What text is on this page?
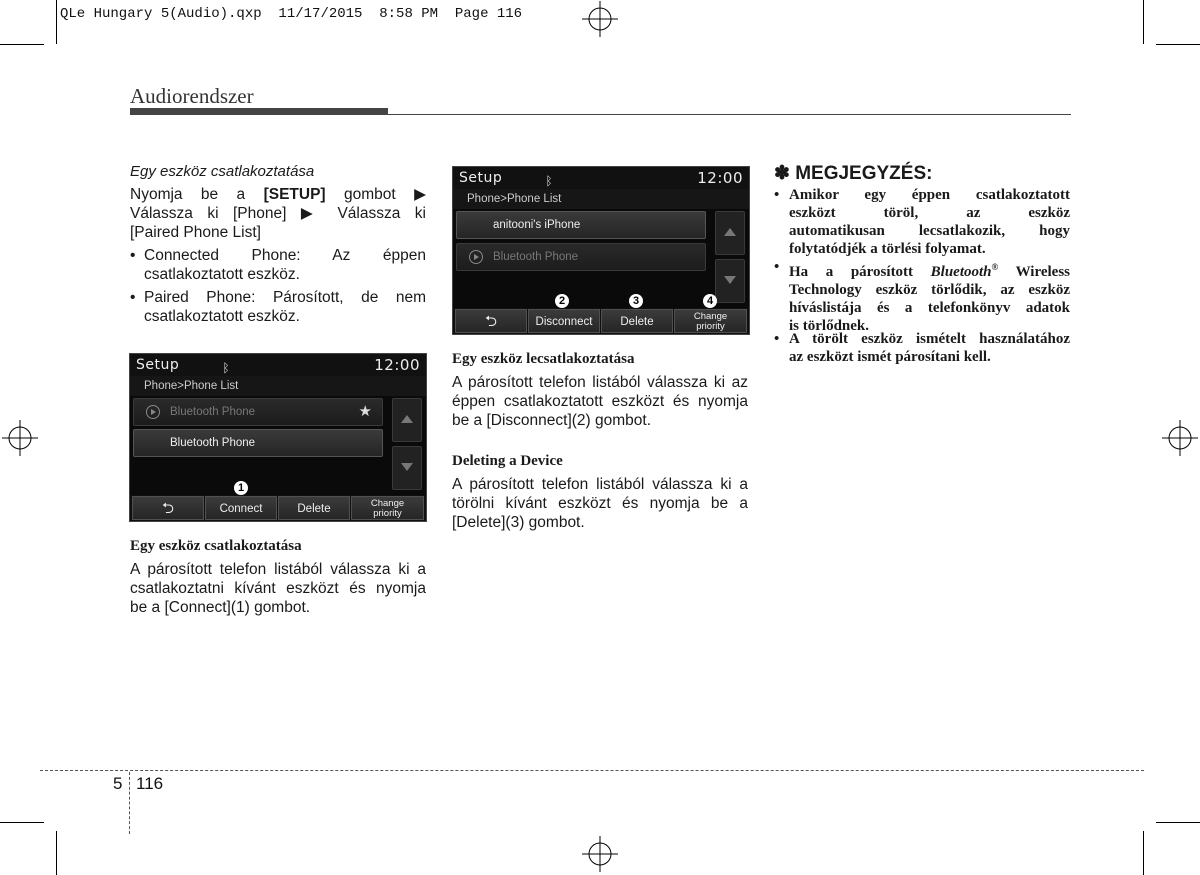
QLe Hungary 5(Audio).qxp  11/17/2015  8:58 PM  Page 116
Audiorendszer
Egy eszköz csatlakoztatása
Nyomja be a [SETUP] gombot ▶
Válassza ki [Phone] ▶ Válassza ki
[Paired Phone List]
• Connected Phone: Az éppen
csatlakoztatott eszköz.
• Paired Phone: Párosított, de nem
csatlakoztatott eszköz.
Setup	ᛒ	12:00
Phone>Phone List
Bluetooth Phone	★
Bluetooth Phone
1
⮌	Connect	Delete	Change
priority
Egy eszköz csatlakoztatása
A párosított telefon listából válassza ki a
csatlakoztatni kívánt eszközt és nyomja
be a [Connect](1) gombot.
Setup	ᛒ	12:00
Phone>Phone List
anitooni's iPhone
Bluetooth Phone
2	3	4
⮌	Disconnect	Delete	Change
priority
Egy eszköz lecsatlakoztatása
A párosított telefon listából válassza ki az
éppen csatlakoztatott eszközt és nyomja
be a [Disconnect](2) gombot.
Deleting a Device
A párosított telefon listából válassza ki a
törölni kívánt eszközt és nyomja be a
[Delete](3) gombot.
✽ MEGJEGYZÉS:
• Amikor egy éppen csatlakoztatott
eszközt töröl, az eszköz
automatikusan lecsatlakozik, hogy
folytatódjék a törlési folyamat.
• Ha a párosított Bluetooth® Wireless
Technology eszköz törlődik, az eszköz
híváslistája és a telefonkönyv adatok
is törlődnek.
• A törölt eszköz ismételt használatához
az eszközt ismét párosítani kell.
5 116
